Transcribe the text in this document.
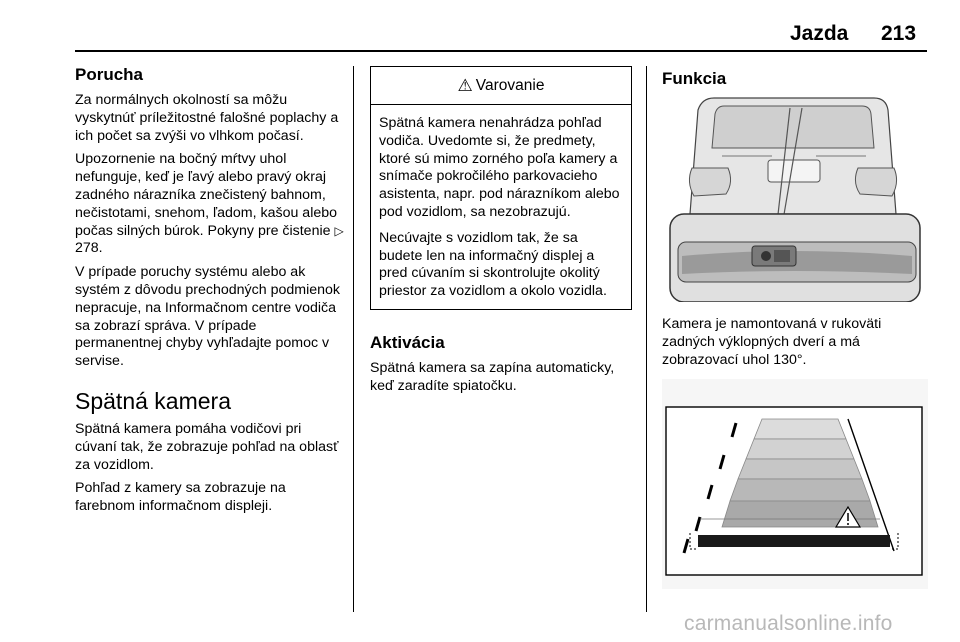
Jazda 213
Porucha

Za normálnych okolností sa môžu vyskytnúť príležitostné falošné poplachy a ich počet sa zvýši vo vlhkom počasí.

Upozornenie na bočný mŕtvy uhol nefunguje, keď je ľavý alebo pravý okraj zadného nárazníka znečistený bahnom, nečistotami, snehom, ľadom, kašou alebo počas silných búrok. Pokyny pre čistenie ▷ 278.

V prípade poruchy systému alebo ak systém z dôvodu prechodných podmienok nepracuje, na Informačnom centre vodiča sa zobrazí správa. V prípade permanentnej chyby vyhľadajte pomoc v servise.

Spätná kamera

Spätná kamera pomáha vodičovi pri cúvaní tak, že zobrazuje pohľad na oblasť za vozidlom.

Pohľad z kamery sa zobrazuje na farebnom informačnom displeji.

⚠ Varovanie

Spätná kamera nenahrádza pohľad vodiča. Uvedomte si, že predmety, ktoré sú mimo zorného poľa kamery a snímače pokročilého parkovacieho asistenta, napr. pod nárazníkom alebo pod vozidlom, sa nezobrazujú.

Necúvajte s vozidlom tak, že sa budete len na informačný displej a pred cúvaním si skontrolujte okolitý priestor za vozidlom a okolo vozidla.

Aktivácia

Spätná kamera sa zapína automaticky, keď zaradíte spiatočku.

Funkcia

Kamera je namontovaná v rukoväti zadných výklopných dverí a má zobrazovací uhol 130°.

carmanualsonline.info
